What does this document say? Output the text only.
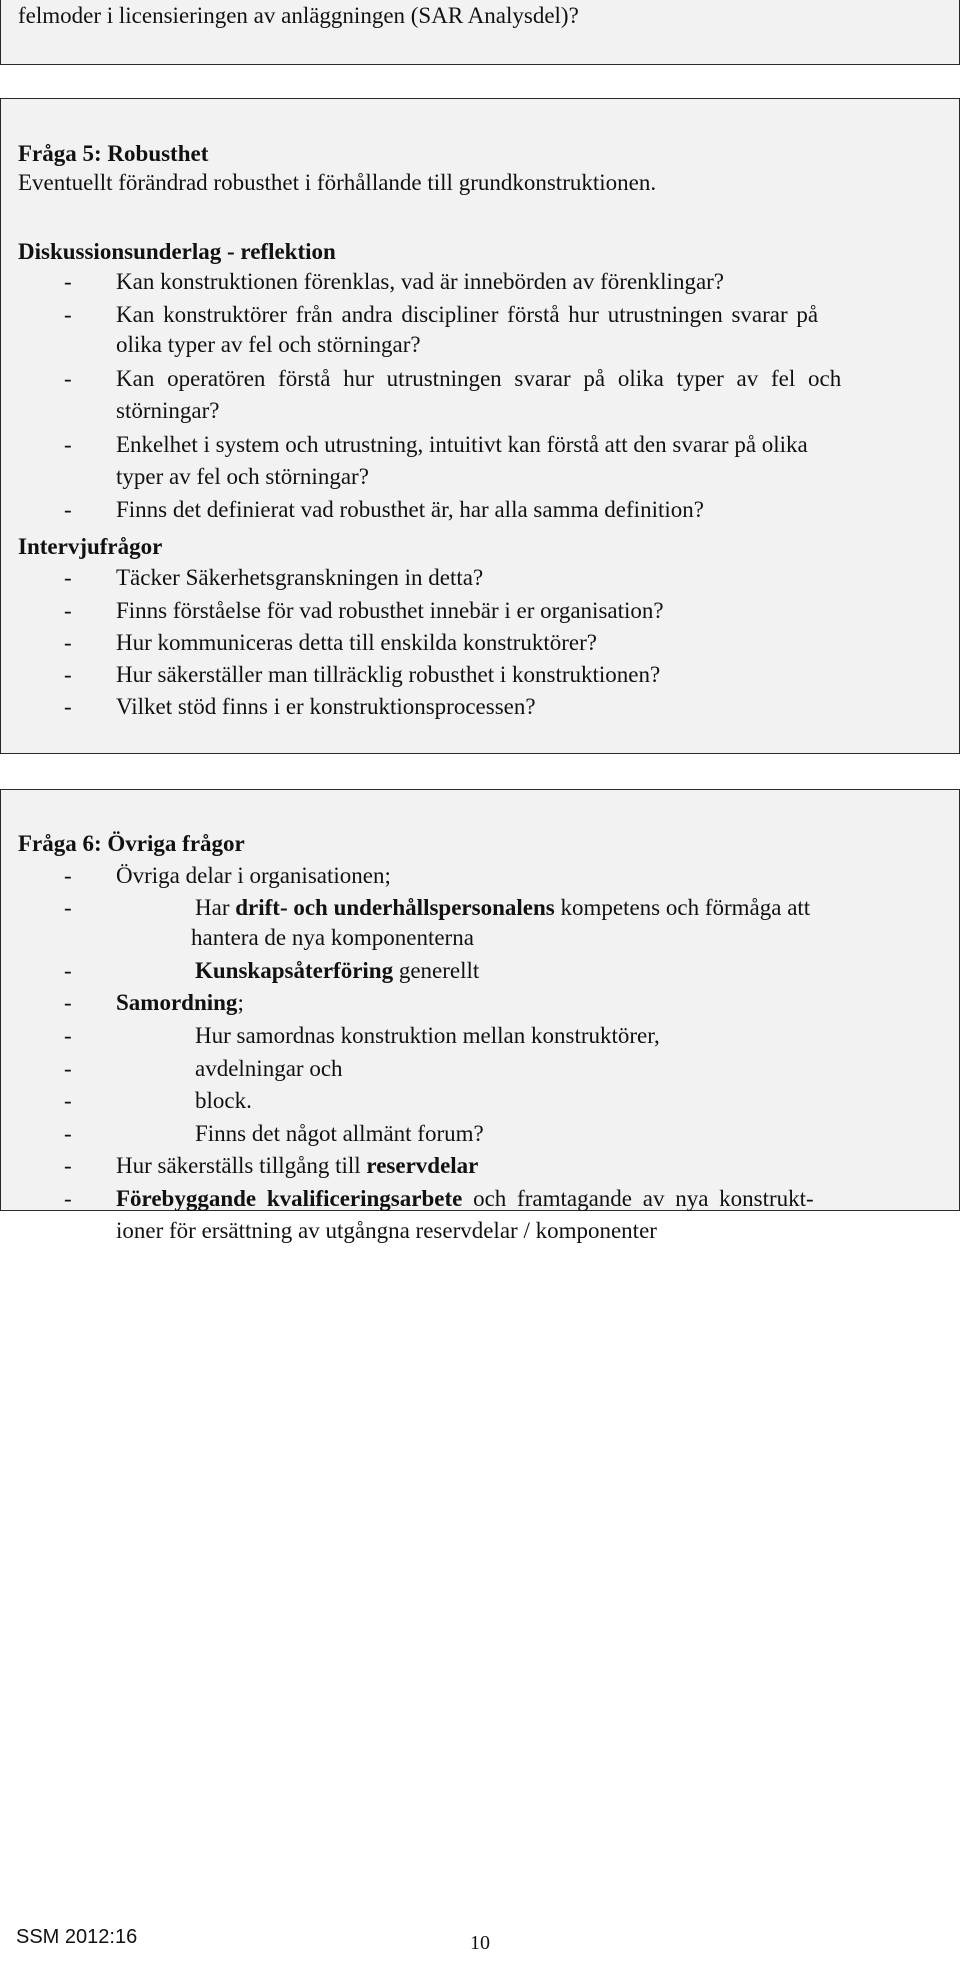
felmoder i licensieringen av anläggningen (SAR Analysdel)?
Fråga 5: Robusthet
Eventuellt förändrad robusthet i förhållande till grundkonstruktionen.
Diskussionsunderlag - reflektion
- Kan konstruktionen förenklas, vad är innebörden av förenklingar?
- Kan konstruktörer från andra discipliner förstå hur utrustningen svarar på
olika typer av fel och störningar?
- Kan operatören förstå hur utrustningen svarar på olika typer av fel och
störningar?
- Enkelhet i system och utrustning, intuitivt kan förstå att den svarar på olika
typer av fel och störningar?
- Finns det definierat vad robusthet är, har alla samma definition?
Intervjufrågor
- Täcker Säkerhetsgranskningen in detta?
- Finns förståelse för vad robusthet innebär i er organisation?
- Hur kommuniceras detta till enskilda konstruktörer?
- Hur säkerställer man tillräcklig robusthet i konstruktionen?
- Vilket stöd finns i er konstruktionsprocessen?
Fråga 6: Övriga frågor
- Övriga delar i organisationen;
-	Har drift- och underhållspersonalens kompetens och förmåga att
hantera de nya komponenterna
-	Kunskapsåterföring generellt
- Samordning;
-	Hur samordnas konstruktion mellan konstruktörer,
-	avdelningar och
-	block.
-	Finns det något allmänt forum?
- Hur säkerställs tillgång till reservdelar
- Förebyggande kvalificeringsarbete och framtagande av nya konstrukt-
ioner för ersättning av utgångna reservdelar / komponenter
SSM 2012:16	10
